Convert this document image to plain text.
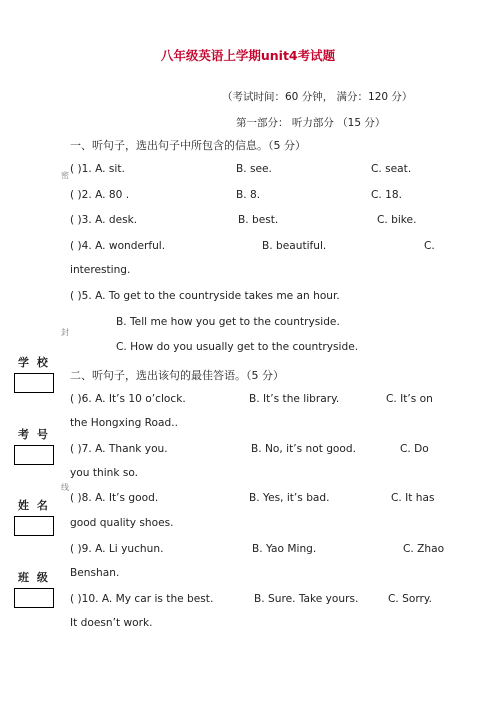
八年级英语上学期unit4考试题
（考试时间：60 分钟， 满分：120 分）
第一部分： 听力部分 （15 分）
一、听句子，选出句子中所包含的信息。（5 分）
密
封
线
学 校
考 号
姓 名
班 级
( )1. A. sit.	B. see.	C. seat.
( )2. A. 80 .	B. 8.	C. 18.
( )3. A. desk.	B. best.	C. bike.
( )4. A. wonderful.	B. beautiful.	C.
interesting.
( )5. A. To get to the countryside takes me an hour.
B. Tell me how you get to the countryside.
C. How do you usually get to the countryside.
二、听句子，选出该句的最佳答语。（5 分）
( )6. A. It’s 10 o’clock.	B. It’s the library.	C. It’s on
the Hongxing Road..
( )7. A. Thank you.	B. No, it’s not good.	C. Do
you think so.
( )8. A. It’s good.	B. Yes, it’s bad.	C. It has
good quality shoes.
( )9. A. Li yuchun.	B. Yao Ming.	C. Zhao
Benshan.
( )10. A. My car is the best.	B. Sure. Take yours.	C. Sorry.
It doesn’t work.
